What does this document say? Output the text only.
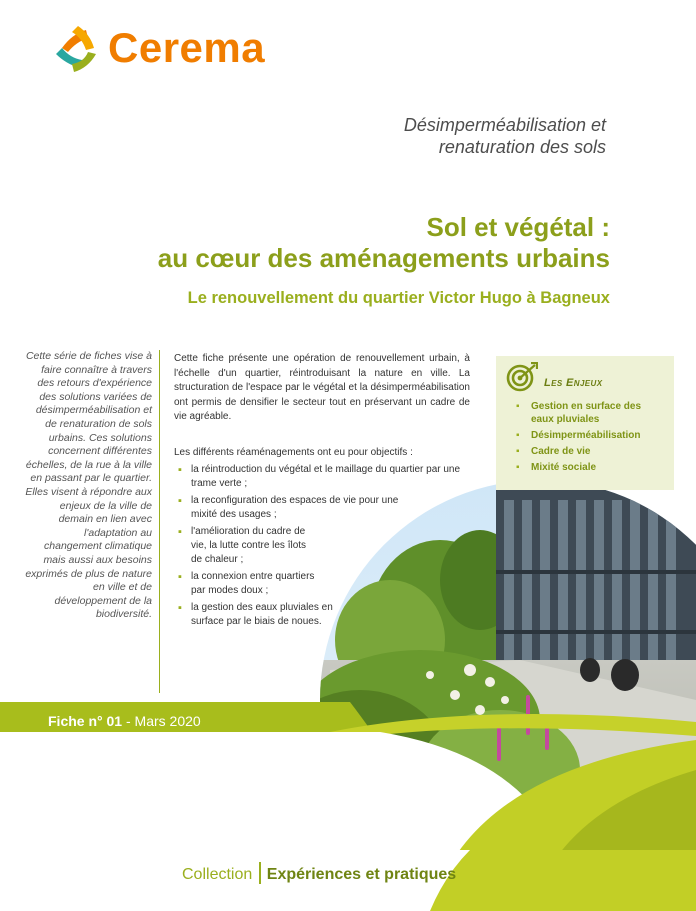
Cerema
Désimperméabilisation et
renaturation des sols
Sol et végétal :
au cœur des aménagements urbains
Le renouvellement du quartier Victor Hugo à Bagneux
Cette série de fiches vise à faire connaître à travers des retours d'expérience des solutions variées de désimperméabilisation et de renaturation de sols urbains. Ces solutions concernent différentes échelles, de la rue à la ville en passant par le quartier. Elles visent à répondre aux enjeux de la ville de demain en lien avec l'adaptation au changement climatique mais aussi aux besoins exprimés de plus de nature en ville et de développement de la biodiversité.
Cette fiche présente une opération de renouvellement urbain, à l'échelle d'un quartier, réintroduisant la nature en ville. La structuration de l'espace par le végétal et la désimperméabilisation ont permis de densifier le secteur tout en préservant un cadre de vie agréable.
Les différents réaménagements ont eu pour objectifs :
▪ la réintroduction du végétal et le maillage du quartier par une trame verte ;
▪ la reconfiguration des espaces de vie pour une mixité des usages ;
▪ l'amélioration du cadre de vie, la lutte contre les îlots de chaleur ;
▪ la connexion entre quartiers par modes doux ;
▪ la gestion des eaux pluviales en surface par le biais de noues.
Fiche n° 01 - Mars 2020
Les Enjeux
▪ Gestion en surface des eaux pluviales
▪ Désimperméabilisation
▪ Cadre de vie
▪ Mixité sociale
Collection Expériences et pratiques
